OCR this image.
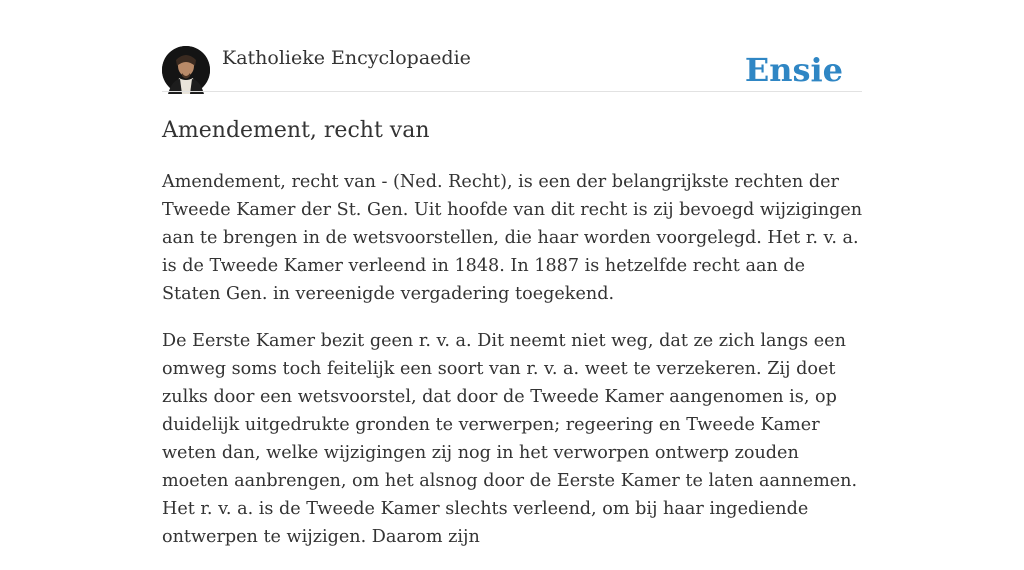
Katholieke Encyclopaedie	Ensie
Amendement, recht van

Amendement, recht van - (Ned. Recht), is een der belangrijkste rechten der Tweede Kamer der St. Gen. Uit hoofde van dit recht is zij bevoegd wijzigingen aan te brengen in de wetsvoorstellen, die haar worden voorgelegd. Het r. v. a. is de Tweede Kamer verleend in 1848. In 1887 is hetzelfde recht aan de Staten Gen. in vereenigde vergadering toegekend.

De Eerste Kamer bezit geen r. v. a. Dit neemt niet weg, dat ze zich langs een omweg soms toch feitelijk een soort van r. v. a. weet te verzekeren. Zij doet zulks door een wetsvoorstel, dat door de Tweede Kamer aangenomen is, op duidelijk uitgedrukte gronden te verwerpen; regeering en Tweede Kamer weten dan, welke wijzigingen zij nog in het verworpen ontwerp zouden moeten aanbrengen, om het alsnog door de Eerste Kamer te laten aannemen. Het r. v. a. is de Tweede Kamer slechts verleend, om bij haar ingediende ontwerpen te wijzigen. Daarom zijn
